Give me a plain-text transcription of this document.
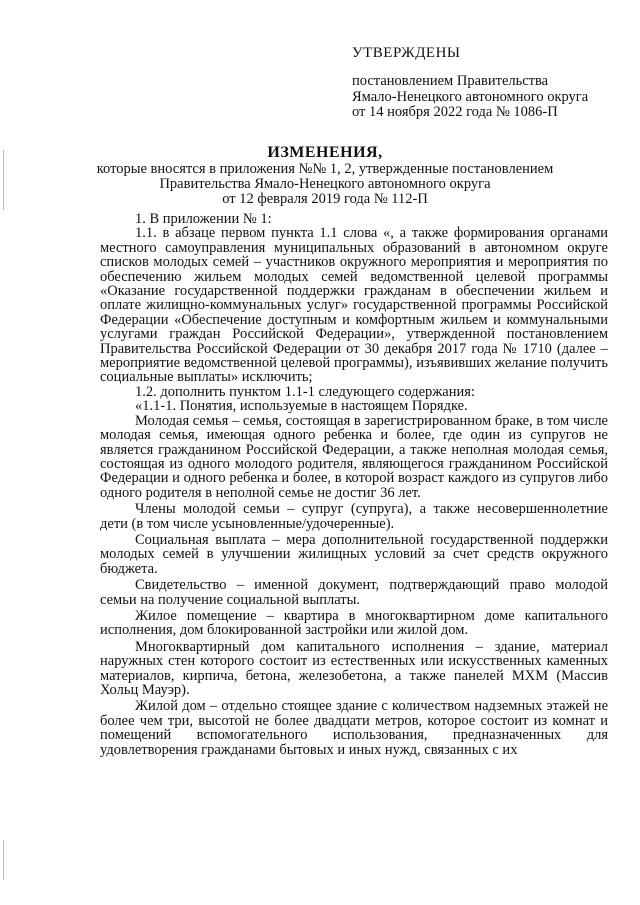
УТВЕРЖДЕНЫ
постановлением Правительства
Ямало-Ненецкого автономного округа
от 14 ноября 2022 года № 1086-П
ИЗМЕНЕНИЯ,
которые вносятся в приложения №№ 1, 2, утвержденные постановлением
Правительства Ямало-Ненецкого автономного округа
от 12 февраля 2019 года № 112-П

1. В приложении № 1:

1.1. в абзаце первом пункта 1.1 слова «, а также формирования органами местного самоуправления муниципальных образований в автономном округе списков молодых семей – участников окружного мероприятия и мероприятия по обеспечению жильем молодых семей ведомственной целевой программы «Оказание государственной поддержки гражданам в обеспечении жильем и оплате жилищно-коммунальных услуг» государственной программы Российской Федерации «Обеспечение доступным и комфортным жильем и коммунальными услугами граждан Российской Федерации», утвержденной постановлением Правительства Российской Федерации от 30 декабря 2017 года № 1710 (далее – мероприятие ведомственной целевой программы), изъявивших желание получить социальные выплаты» исключить;

1.2. дополнить пунктом 1.1-1 следующего содержания:

«1.1-1. Понятия, используемые в настоящем Порядке.

Молодая семья – семья, состоящая в зарегистрированном браке, в том числе молодая семья, имеющая одного ребенка и более, где один из супругов не является гражданином Российской Федерации, а также неполная молодая семья, состоящая из одного молодого родителя, являющегося гражданином Российской Федерации и одного ребенка и более, в которой возраст каждого из супругов либо одного родителя в неполной семье не достиг 36 лет.

Члены молодой семьи – супруг (супруга), а также несовершеннолетние дети (в том числе усыновленные/удочеренные).

Социальная выплата – мера дополнительной государственной поддержки молодых семей в улучшении жилищных условий за счет средств окружного бюджета.

Свидетельство – именной документ, подтверждающий право молодой семьи на получение социальной выплаты.

Жилое помещение – квартира в многоквартирном доме капитального исполнения, дом блокированной застройки или жилой дом.

Многоквартирный дом капитального исполнения – здание, материал наружных стен которого состоит из естественных или искусственных каменных материалов, кирпича, бетона, железобетона, а также панелей МХМ (Массив Хольц Мауэр).

Жилой дом – отдельно стоящее здание с количеством надземных этажей не более чем три, высотой не более двадцати метров, которое состоит из комнат и помещений вспомогательного использования, предназначенных для удовлетворения гражданами бытовых и иных нужд, связанных с их
